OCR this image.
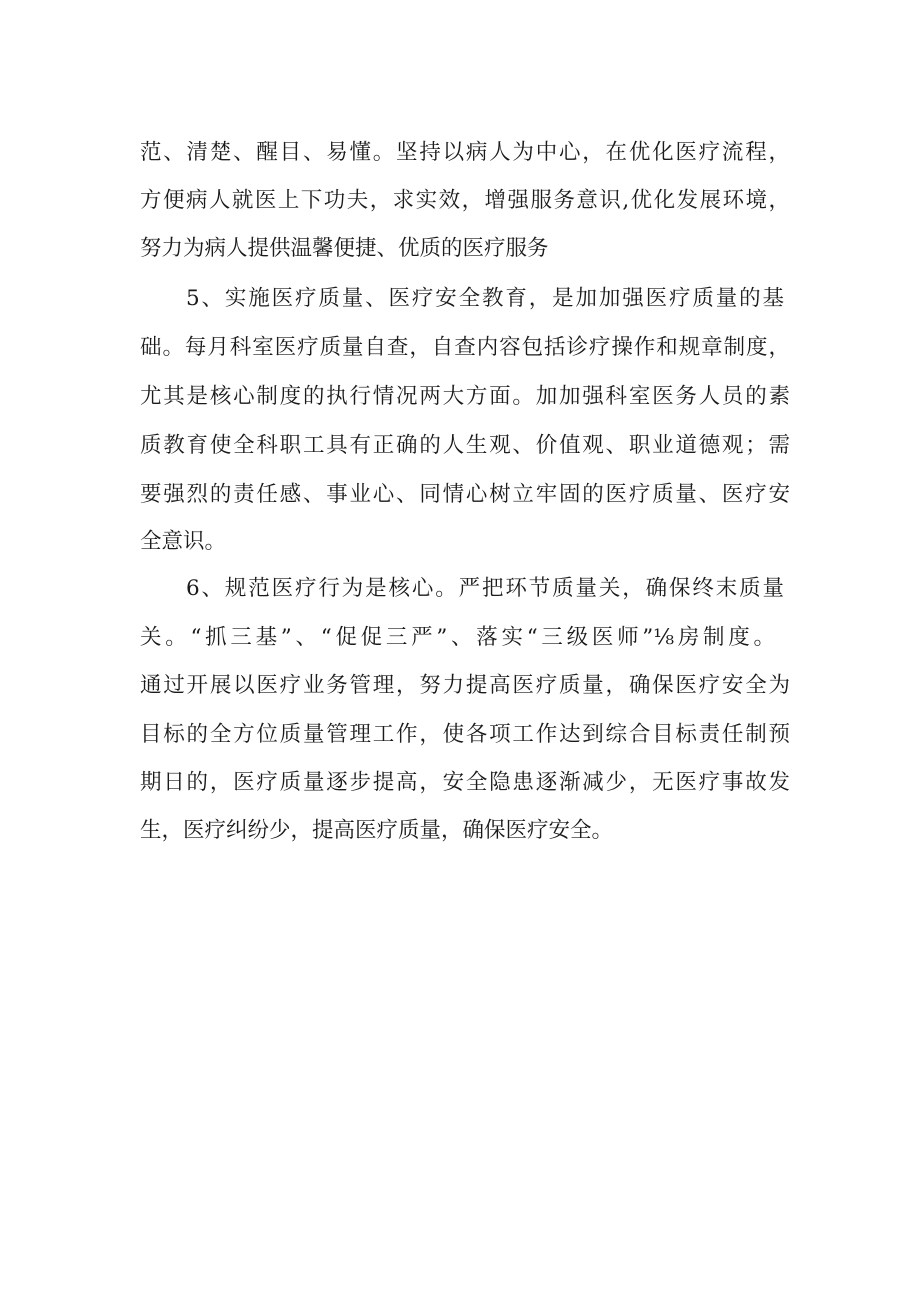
范、清楚、醒目、易懂。坚持以病人为中心，在优化医疗流程，
方便病人就医上下功夫，求实效，增强服务意识,优化发展环境，
努力为病人提供温馨便捷、优质的医疗服务
5、实施医疗质量、医疗安全教育，是加加强医疗质量的基
础。每月科室医疗质量自查，自查内容包括诊疗操作和规章制度，
尤其是核心制度的执行情况两大方面。加加强科室医务人员的素
质教育使全科职工具有正确的人生观、价值观、职业道德观；需
要强烈的责任感、事业心、同情心树立牢固的医疗质量、医疗安
全意识。
6、规范医疗行为是核心。严把环节质量关，确保终末质量
关。“抓三基”、“促促三严”、落实“三级医师”⅛房制度。
通过开展以医疗业务管理，努力提高医疗质量，确保医疗安全为
目标的全方位质量管理工作，使各项工作达到综合目标责任制预
期日的，医疗质量逐步提高，安全隐患逐渐减少，无医疗事故发
生，医疗纠纷少，提高医疗质量，确保医疗安全。
